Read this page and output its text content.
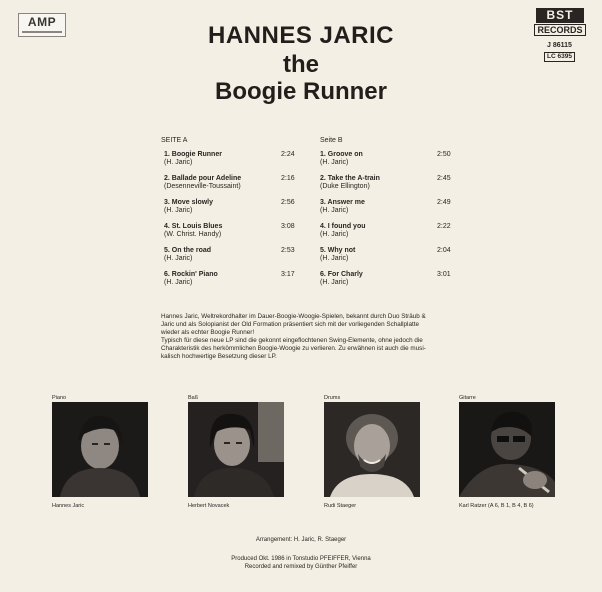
AMP	BST
RECORDS
J 86115
LC 6395
HANNES JARIC
the
Boogie Runner
SEITE A
1. Boogie Runner
(H. Jaric)
2:24
2. Ballade pour Adeline
(Desenneville-Toussaint)
2:16
3. Move slowly
(H. Jaric)
2:56
4. St. Louis Blues
(W. Christ. Handy)
3:08
5. On the road
(H. Jaric)
2:53
6. Rockin' Piano
(H. Jaric)
3:17
Seite B
1. Groove on
(H. Jaric)
2:50
2. Take the A-train
(Duke Ellington)
2:45
3. Answer me
(H. Jaric)
2:49
4. I found you
(H. Jaric)
2:22
5. Why not
(H. Jaric)
2:04
6. For Charly
(H. Jaric)
3:01
Hannes Jaric, Weltrekordhalter im Dauer-Boogie-Woogie-Spielen, bekannt durch Duo Sträub &
Jaric und als Solopianist der Old Formation präsentiert sich mit der vorliegenden Schallplatte
wieder als echter Boogie Runner!
Typisch für diese neue LP sind die gekonnt eingeflochtenen Swing-Elemente, ohne jedoch die
Charakteristik des herkömmlichen Boogie-Woogie zu verlieren. Zu erwähnen ist auch die musi-
kalisch hochwertige Besetzung dieser LP.
Piano
Hannes Jaric
Baß
Herbert Novacek
Drums
Rudi Staeger
Gitarre
Karl Ratzer (A 6, B 1, B 4, B 6)
Arrangement: H. Jaric, R. Staeger
Produced Okt. 1986 in Tonstudio PFEIFFER, Vienna
Recorded and remixed by Günther Pfeiffer
